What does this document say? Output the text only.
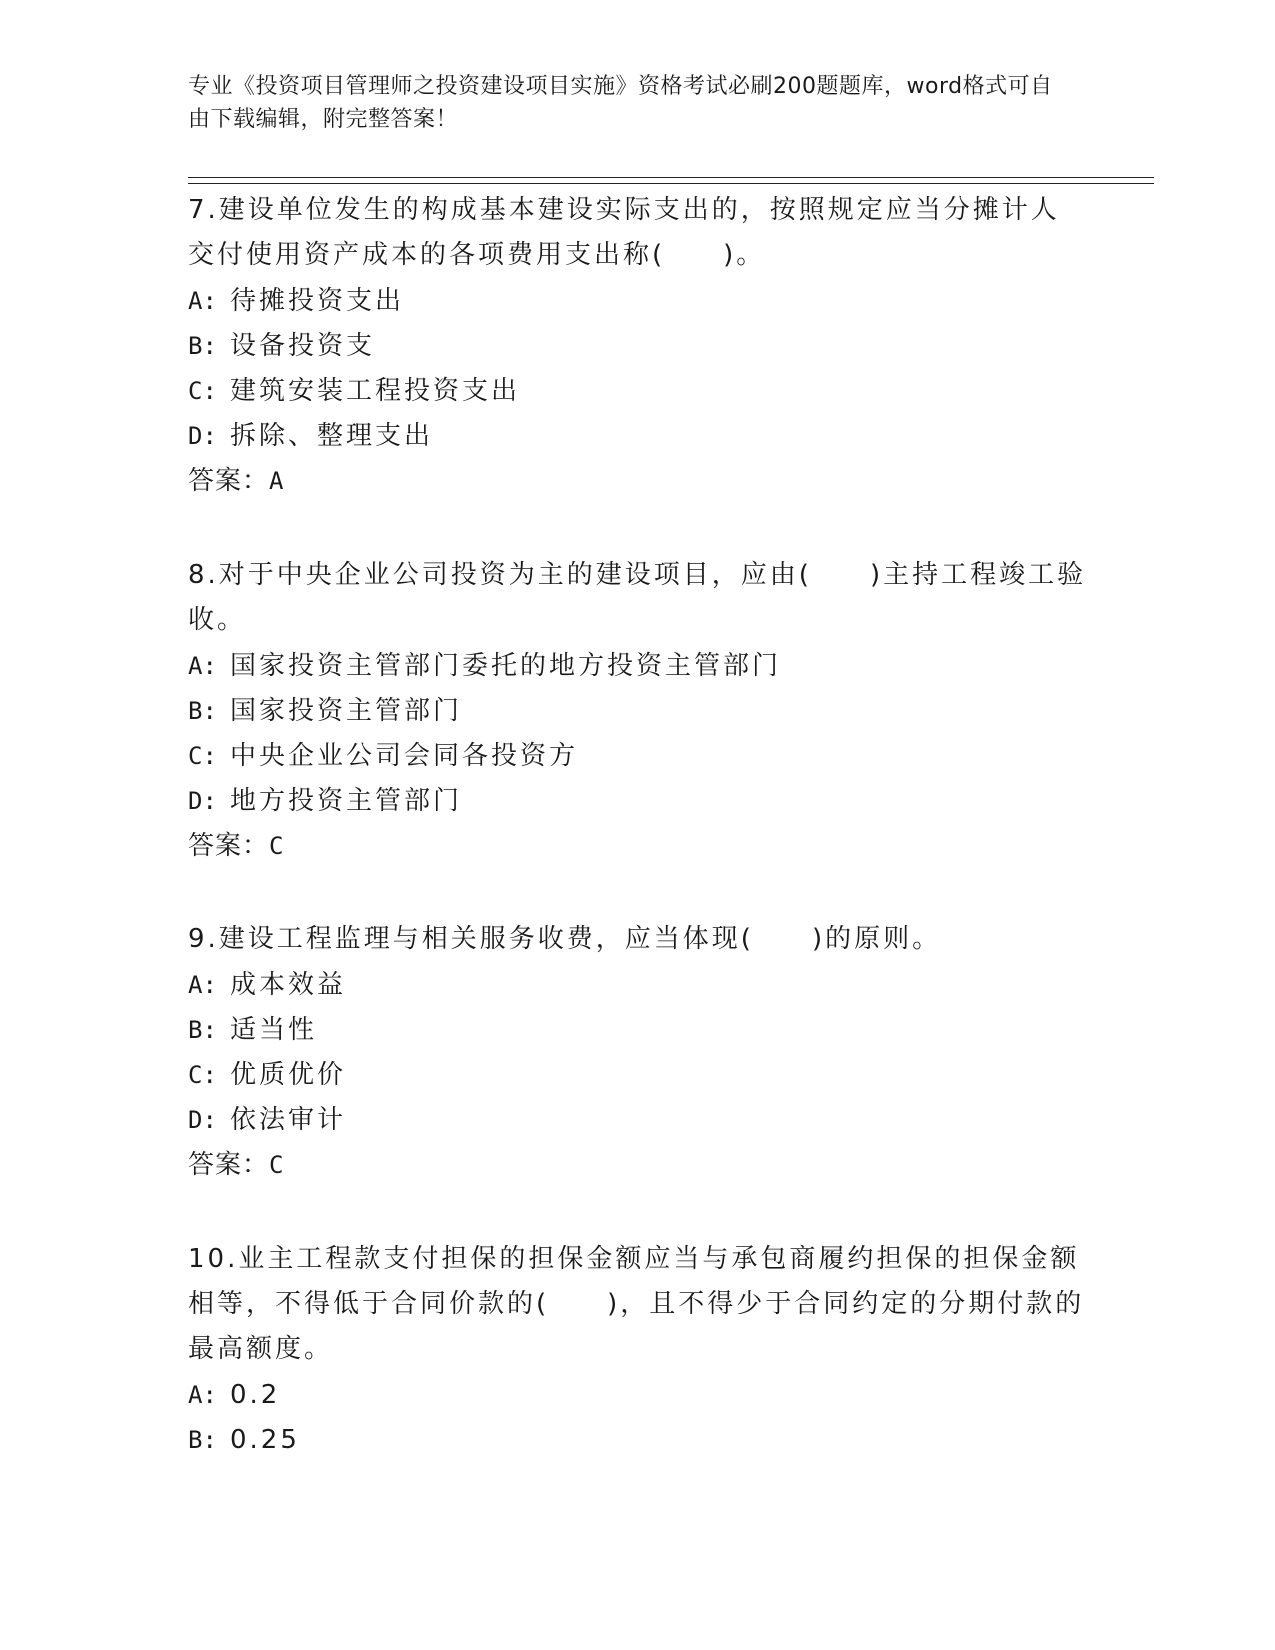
专业《投资项目管理师之投资建设项目实施》资格考试必刷200题题库，word格式可自由下载编辑，附完整答案！
7.建设单位发生的构成基本建设实际支出的，按照规定应当分摊计人交付使用资产成本的各项费用支出称(　　)。
A: 待摊投资支出
B: 设备投资支
C: 建筑安装工程投资支出
D: 拆除、整理支出
答案：A
8.对于中央企业公司投资为主的建设项目，应由(　　)主持工程竣工验收。
A: 国家投资主管部门委托的地方投资主管部门
B: 国家投资主管部门
C: 中央企业公司会同各投资方
D: 地方投资主管部门
答案：C
9.建设工程监理与相关服务收费，应当体现(　　)的原则。
A: 成本效益
B: 适当性
C: 优质优价
D: 依法审计
答案：C
10.业主工程款支付担保的担保金额应当与承包商履约担保的担保金额相等，不得低于合同价款的(　　)，且不得少于合同约定的分期付款的最高额度。
A: 0.2
B: 0.25
